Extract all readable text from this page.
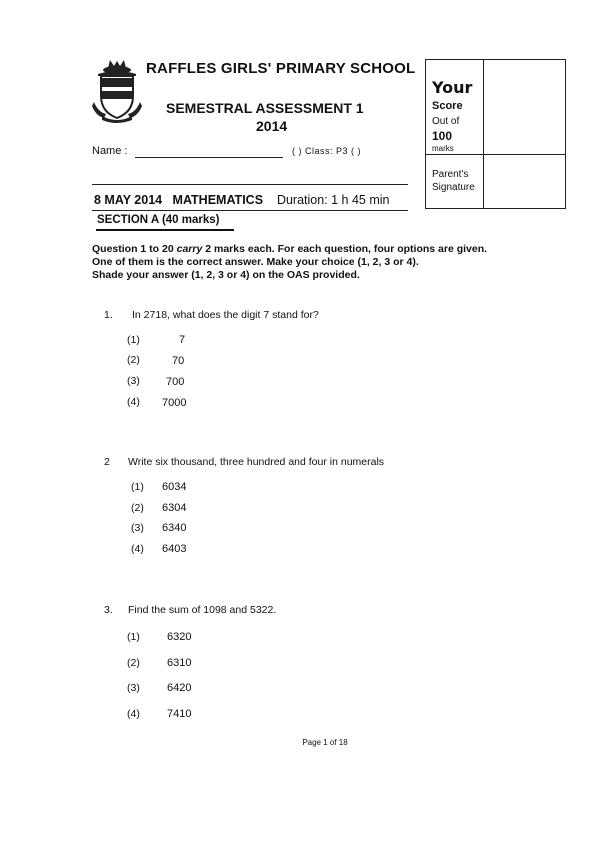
RAFFLES GIRLS' PRIMARY SCHOOL
SEMESTRAL ASSESSMENT 1
2014
Name :	( ) Class: P3 ( )
8 MAY 2014 MATHEMATICS Duration: 1 h 45 min
SECTION A (40 marks)
Your
Score
Out of
100
marks
Parent's
Signature
Question 1 to 20 carry 2 marks each. For each question, four options are given.
One of them is the correct answer. Make your choice (1, 2, 3 or 4).
Shade your answer (1, 2, 3 or 4) on the OAS provided.
1. In 2718, what does the digit 7 stand for?
(1)	7
(2)	70
(3) 700
(4) 7000
2 Write six thousand, three hundred and four in numerals
(1) 6034
(2) 6304
(3) 6340
(4) 6403
3. Find the sum of 1098 and 5322.
(1) 6320
(2) 6310
(3) 6420
(4) 7410
Page 1 of 18
